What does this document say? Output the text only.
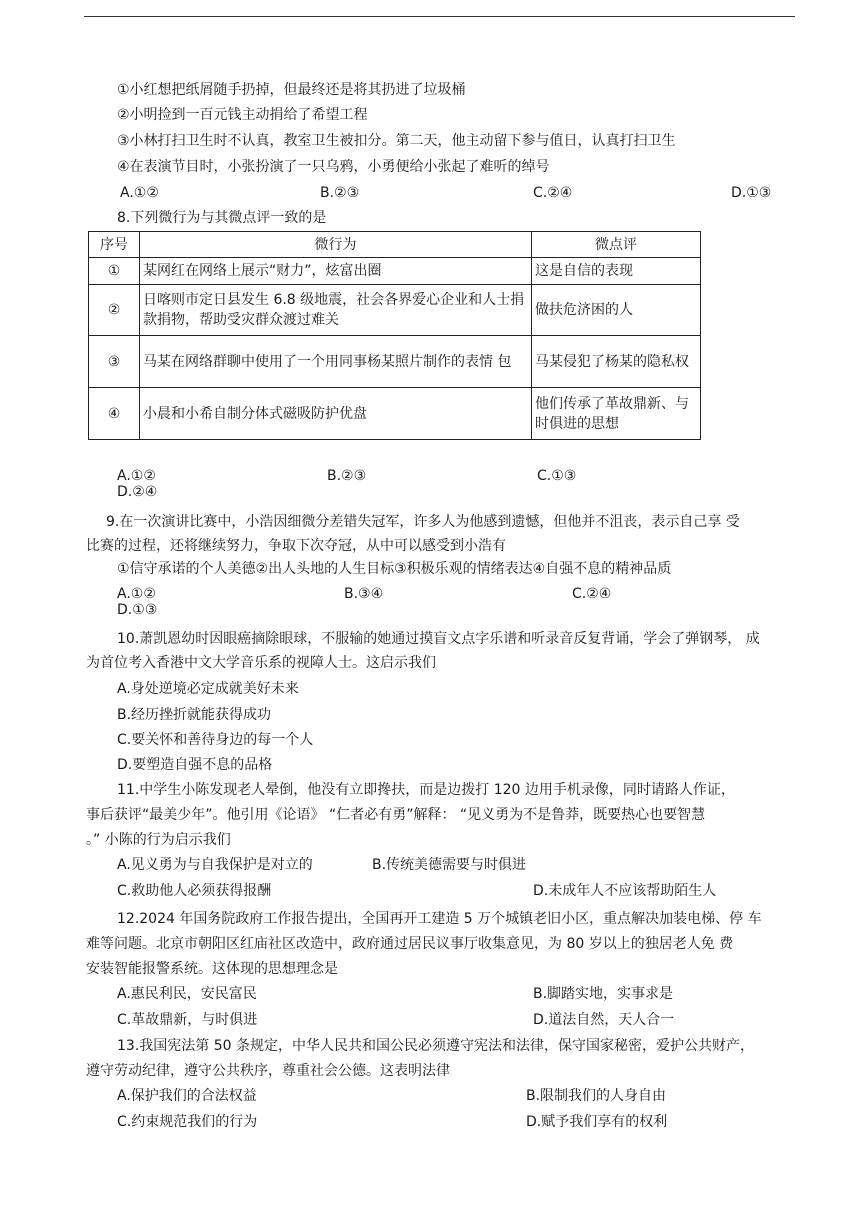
①小红想把纸屑随手扔掉，但最终还是将其扔进了垃圾桶
②小明捡到一百元钱主动捐给了希望工程
③小林打扫卫生时不认真，教室卫生被扣分。第二天，他主动留下参与值日，认真打扫卫生
④在表演节目时，小张扮演了一只乌鸦，小勇便给小张起了难听的绰号
A.①②	B.②③	C.②④	D.①③
8.下列微行为与其微点评一致的是
序号	微行为	微点评
①	某网红在网络上展示“财力”，炫富出圈	这是自信的表现
②	日喀则市定日县发生 6.8 级地震，社会各界爱心企业和人士捐款捐物，帮助受灾群众渡过难关	做扶危济困的人
③	马某在网络群聊中使用了一个用同事杨某照片制作的表情 包	马某侵犯了杨某的隐私权
④	小晨和小希自制分体式磁吸防护优盘	他们传承了革故鼎新、与时俱进的思想
A.①②	B.②③	C.①③
D.②④
9.在一次演讲比赛中，小浩因细微分差错失冠军，许多人为他感到遗憾，但他并不沮丧，表示自己享 受
比赛的过程，还将继续努力，争取下次夺冠，从中可以感受到小浩有
①信守承诺的个人美德②出人头地的人生目标③积极乐观的情绪表达④自强不息的精神品质
A.①②	B.③④	C.②④
D.①③
10.萧凯恩幼时因眼癌摘除眼球，不服输的她通过摸盲文点字乐谱和听录音反复背诵，学会了弹钢琴， 成
为首位考入香港中文大学音乐系的视障人士。这启示我们
A.身处逆境必定成就美好未来
B.经历挫折就能获得成功
C.要关怀和善待身边的每一个人
D.要塑造自强不息的品格
11.中学生小陈发现老人晕倒，他没有立即搀扶，而是边拨打 120 边用手机录像，同时请路人作证，
事后获评“最美少年”。他引用《论语》 “仁者必有勇”解释： “见义勇为不是鲁莽，既要热心也要智慧
。” 小陈的行为启示我们
A.见义勇为与自我保护是对立的	B.传统美德需要与时俱进
C.救助他人必须获得报酬	D.未成年人不应该帮助陌生人
12.2024 年国务院政府工作报告提出，全国再开工建造 5 万个城镇老旧小区，重点解决加装电梯、停 车
难等问题。北京市朝阳区红庙社区改造中，政府通过居民议事厅收集意见，为 80 岁以上的独居老人免 费
安装智能报警系统。这体现的思想理念是
A.惠民利民，安民富民	B.脚踏实地，实事求是
C.革故鼎新，与时俱进	D.道法自然，天人合一
13.我国宪法第 50 条规定，中华人民共和国公民必须遵守宪法和法律，保守国家秘密，爱护公共财产，
遵守劳动纪律，遵守公共秩序，尊重社会公德。这表明法律
A.保护我们的合法权益	B.限制我们的人身自由
C.约束规范我们的行为	D.赋予我们享有的权利
